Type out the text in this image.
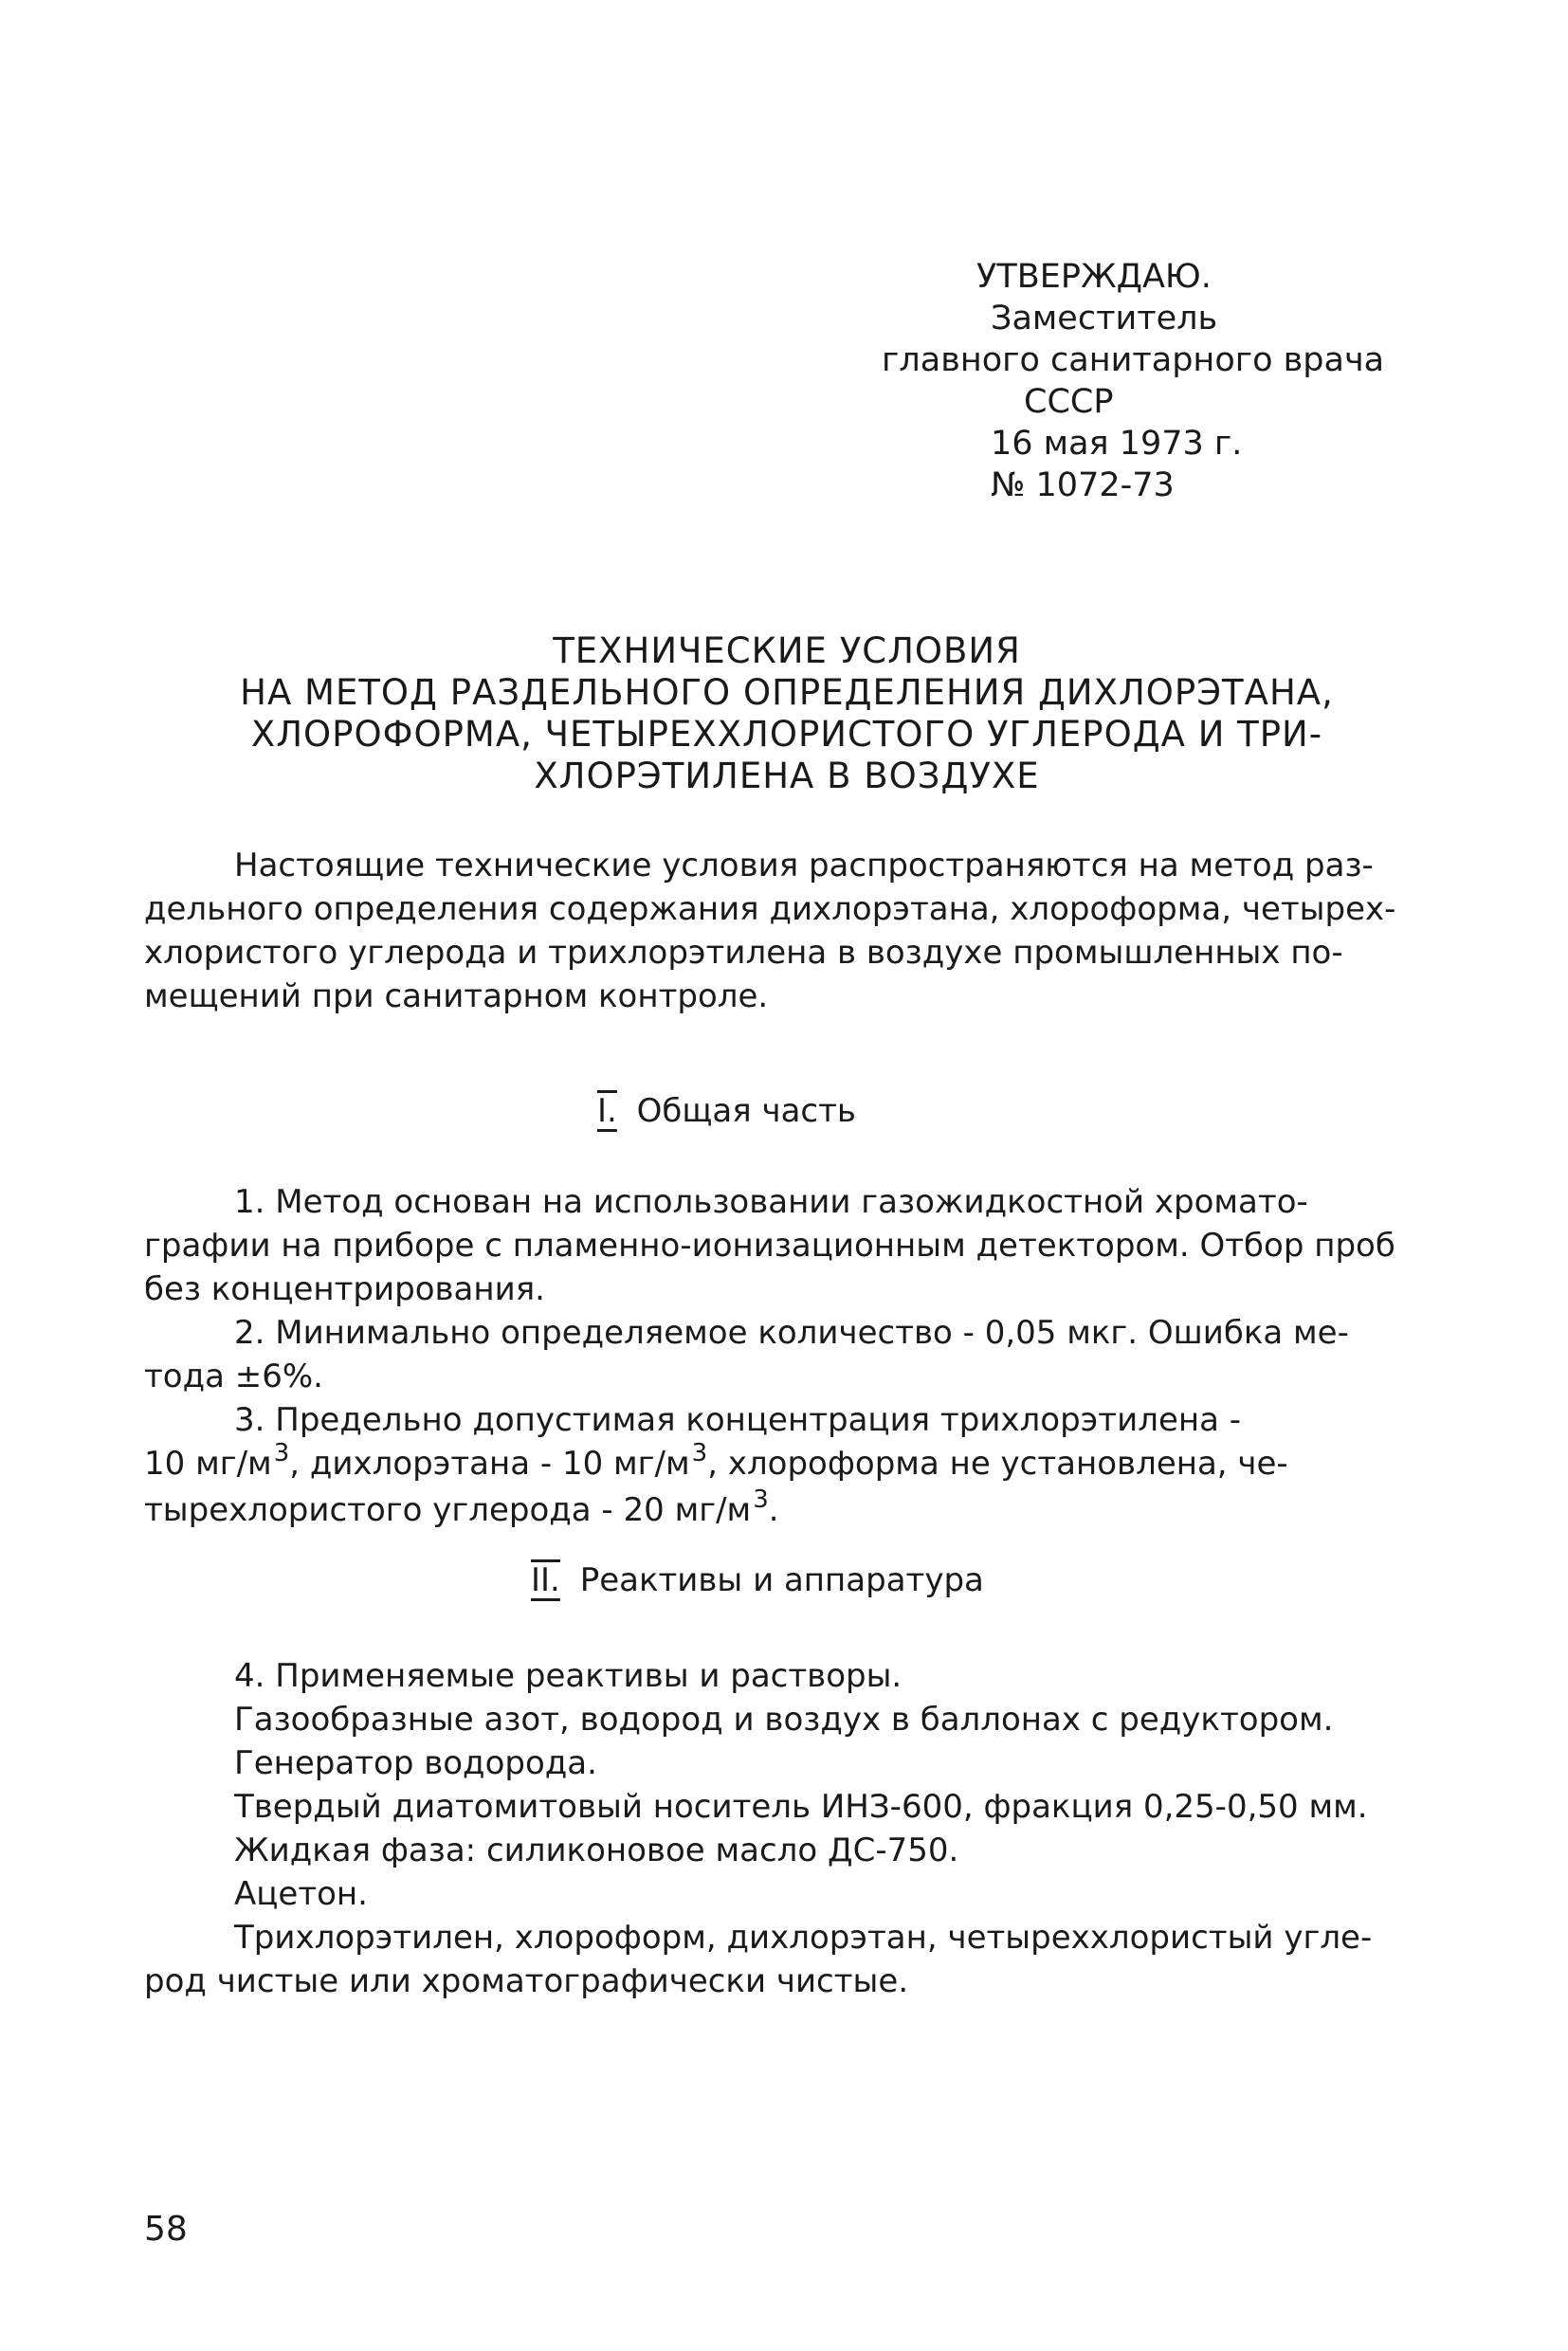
УТВЕРЖДАЮ.
Заместитель
главного санитарного врача
СССР
16 мая 1973 г.
№ 1072-73
ТЕХНИЧЕСКИЕ УСЛОВИЯ
НА МЕТОД РАЗДЕЛЬНОГО ОПРЕДЕЛЕНИЯ ДИХЛОРЭТАНА,
ХЛОРОФОРМА, ЧЕТЫРЕХХЛОРИСТОГО УГЛЕРОДА И ТРИ-
ХЛОРЭТИЛЕНА В ВОЗДУХЕ
Настоящие технические условия распространяются на метод раз-
дельного определения содержания дихлорэтана, хлороформа, четырех-
хлористого углерода и трихлорэтилена в воздухе промышленных по-
мещений при санитарном контроле.
I. Общая часть
1. Метод основан на использовании газожидкостной хромато-
графии на приборе с пламенно-ионизационным детектором. Отбор проб
без концентрирования.
2. Минимально определяемое количество - 0,05 мкг. Ошибка ме-
тода ±6%.
3. Предельно допустимая концентрация трихлорэтилена -
10 $мг/м^3$, дихлорэтана - 10 $мг/м^3$, хлороформа не установлена, че-
тырехлористого углерода - 20 $мг/м^3$.
II. Реактивы и аппаратура
4. Применяемые реактивы и растворы.
Газообразные азот, водород и воздух в баллонах с редуктором.
Генератор водорода.
Твердый диатомитовый носитель ИНЗ-600, фракция 0,25-0,50 мм.
Жидкая фаза: силиконовое масло ДС-750.
Ацетон.
Трихлорэтилен, хлороформ, дихлорэтан, четыреххлористый угле-
род чистые или хроматографически чистые.
58
